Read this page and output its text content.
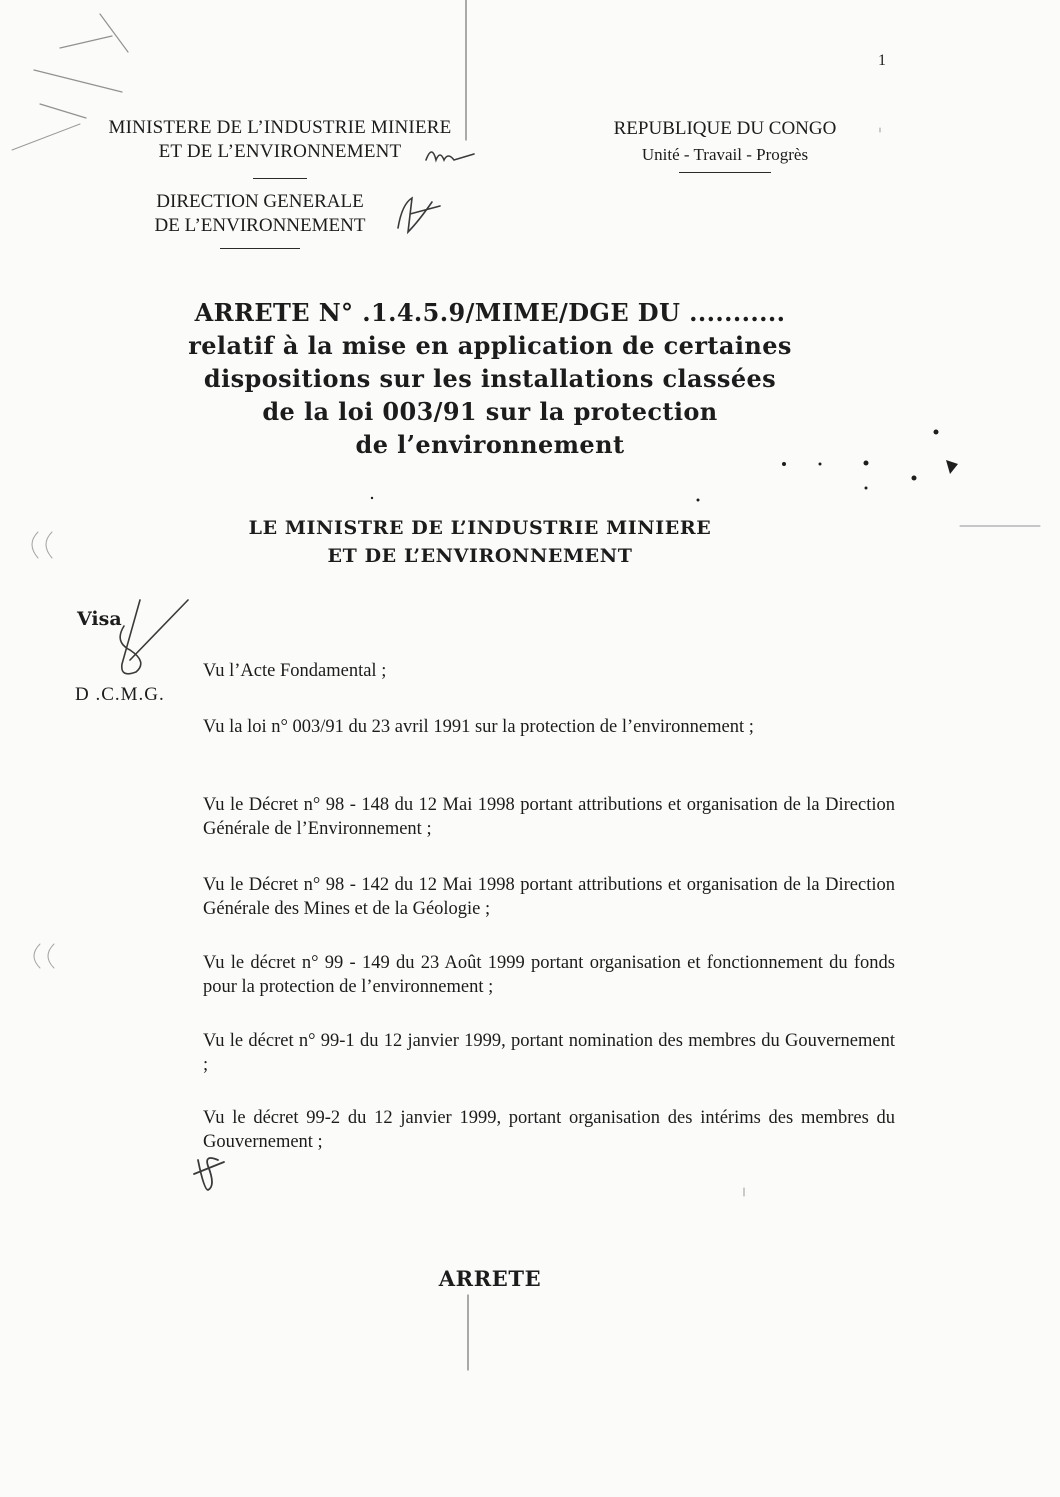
1
MINISTERE DE L’INDUSTRIE MINIERE
ET DE L’ENVIRONNEMENT
REPUBLIQUE DU CONGO
Unité - Travail - Progrès
DIRECTION GENERALE
DE L’ENVIRONNEMENT
ARRETE N° .1.4.5.9/MIME/DGE DU ...........
relatif à la mise en application de certaines
dispositions sur les installations classées
de la loi 003/91 sur la protection
de l’environnement
LE MINISTRE DE L’INDUSTRIE MINIERE
ET DE L’ENVIRONNEMENT
Visa
D .C.M.G.
Vu l’Acte Fondamental ;
Vu la loi n° 003/91 du 23 avril 1991 sur la protection de l’environnement ;
Vu le Décret n° 98 - 148 du 12 Mai 1998 portant attributions et organisation de la Direction Générale de l’Environnement ;
Vu le Décret n° 98 - 142 du 12 Mai 1998 portant attributions et organisation de la Direction Générale des Mines et de la Géologie ;
Vu le décret n° 99 - 149 du 23 Août 1999 portant organisation et fonctionnement du fonds pour la protection de l’environnement ;
Vu le décret n° 99-1 du 12 janvier 1999, portant nomination des membres du Gouvernement ;
Vu le décret 99-2 du 12 janvier 1999, portant organisation des intérims des membres du Gouvernement ;
ARRETE
